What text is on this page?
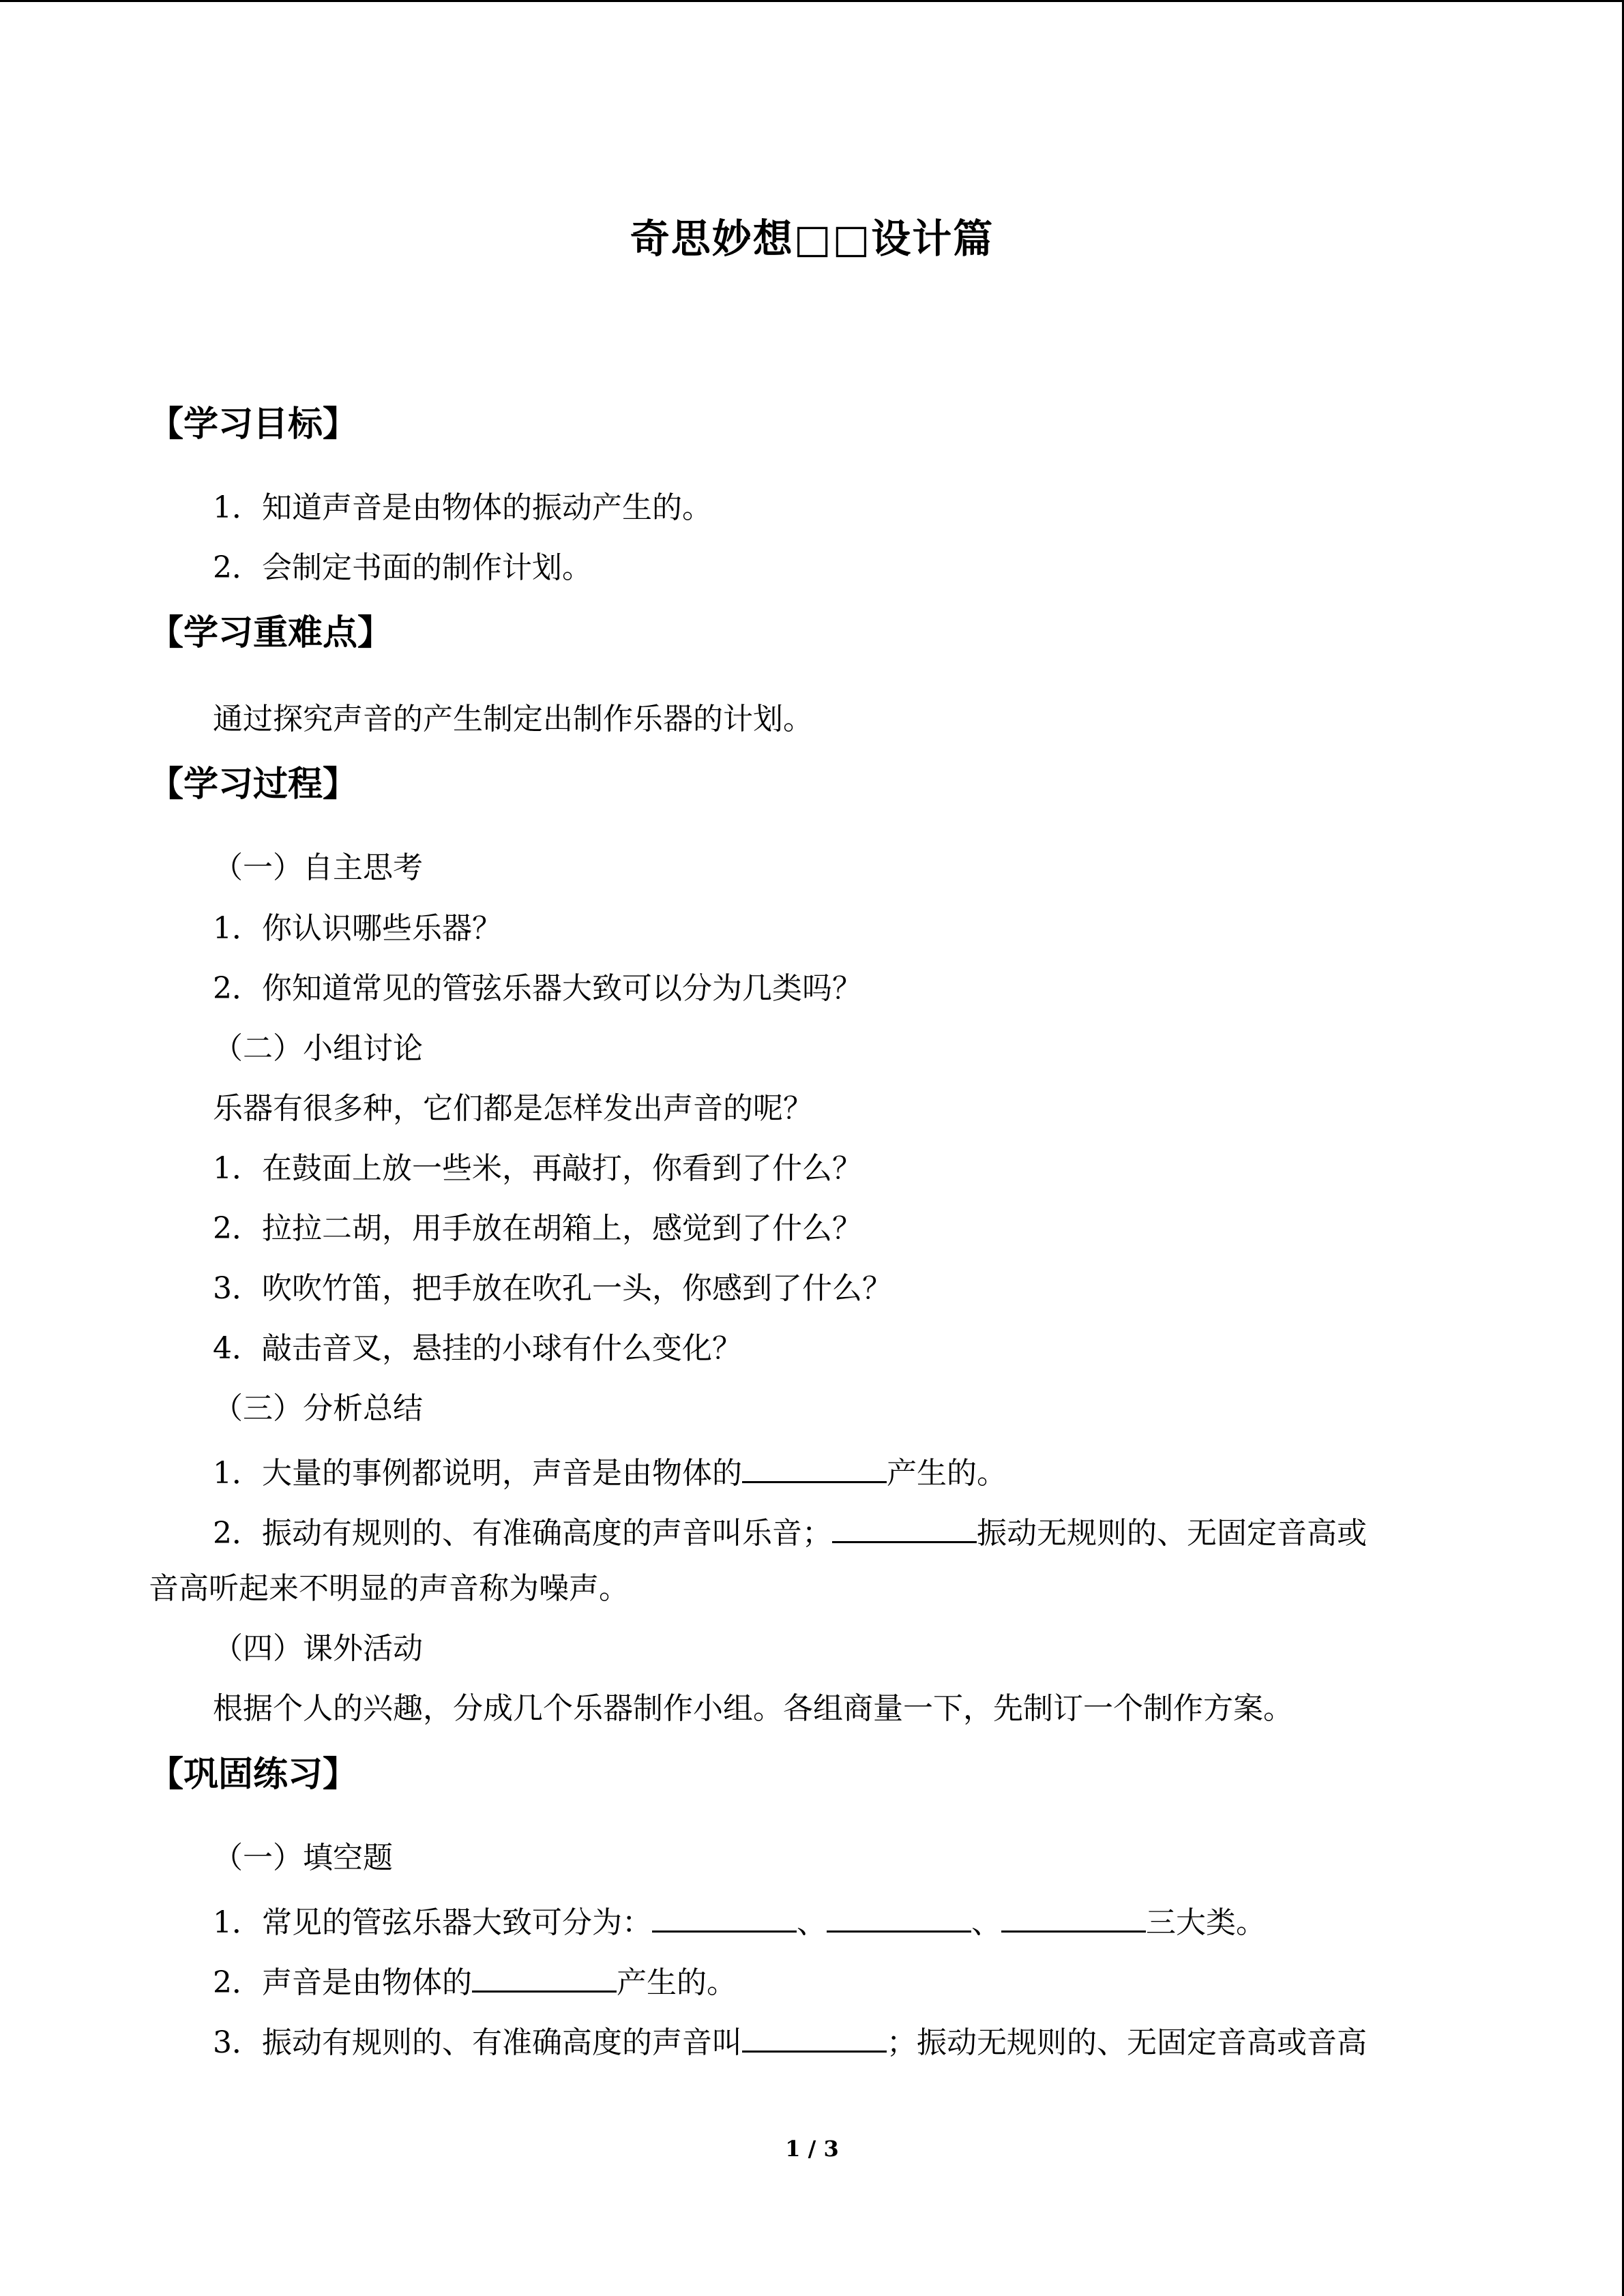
奇思妙想□□设计篇
【学习目标】
1．知道声音是由物体的振动产生的。
2．会制定书面的制作计划。
【学习重难点】
通过探究声音的产生制定出制作乐器的计划。
【学习过程】
（一）自主思考
1．你认识哪些乐器？
2．你知道常见的管弦乐器大致可以分为几类吗？
（二）小组讨论
乐器有很多种，它们都是怎样发出声音的呢？
1．在鼓面上放一些米，再敲打，你看到了什么？
2．拉拉二胡，用手放在胡箱上，感觉到了什么？
3．吹吹竹笛，把手放在吹孔一头，你感到了什么？
4．敲击音叉，悬挂的小球有什么变化？
（三）分析总结
1．大量的事例都说明，声音是由物体的	产生的。
2．振动有规则的、有准确高度的声音叫乐音；	振动无规则的、无固定音高或
音高听起来不明显的声音称为噪声。
（四）课外活动
根据个人的兴趣，分成几个乐器制作小组。各组商量一下，先制订一个制作方案。
【巩固练习】
（一）填空题
1．常见的管弦乐器大致可分为：	、	、	三大类。
2．声音是由物体的	产生的。
3．振动有规则的、有准确高度的声音叫	；振动无规则的、无固定音高或音高
1 / 3
